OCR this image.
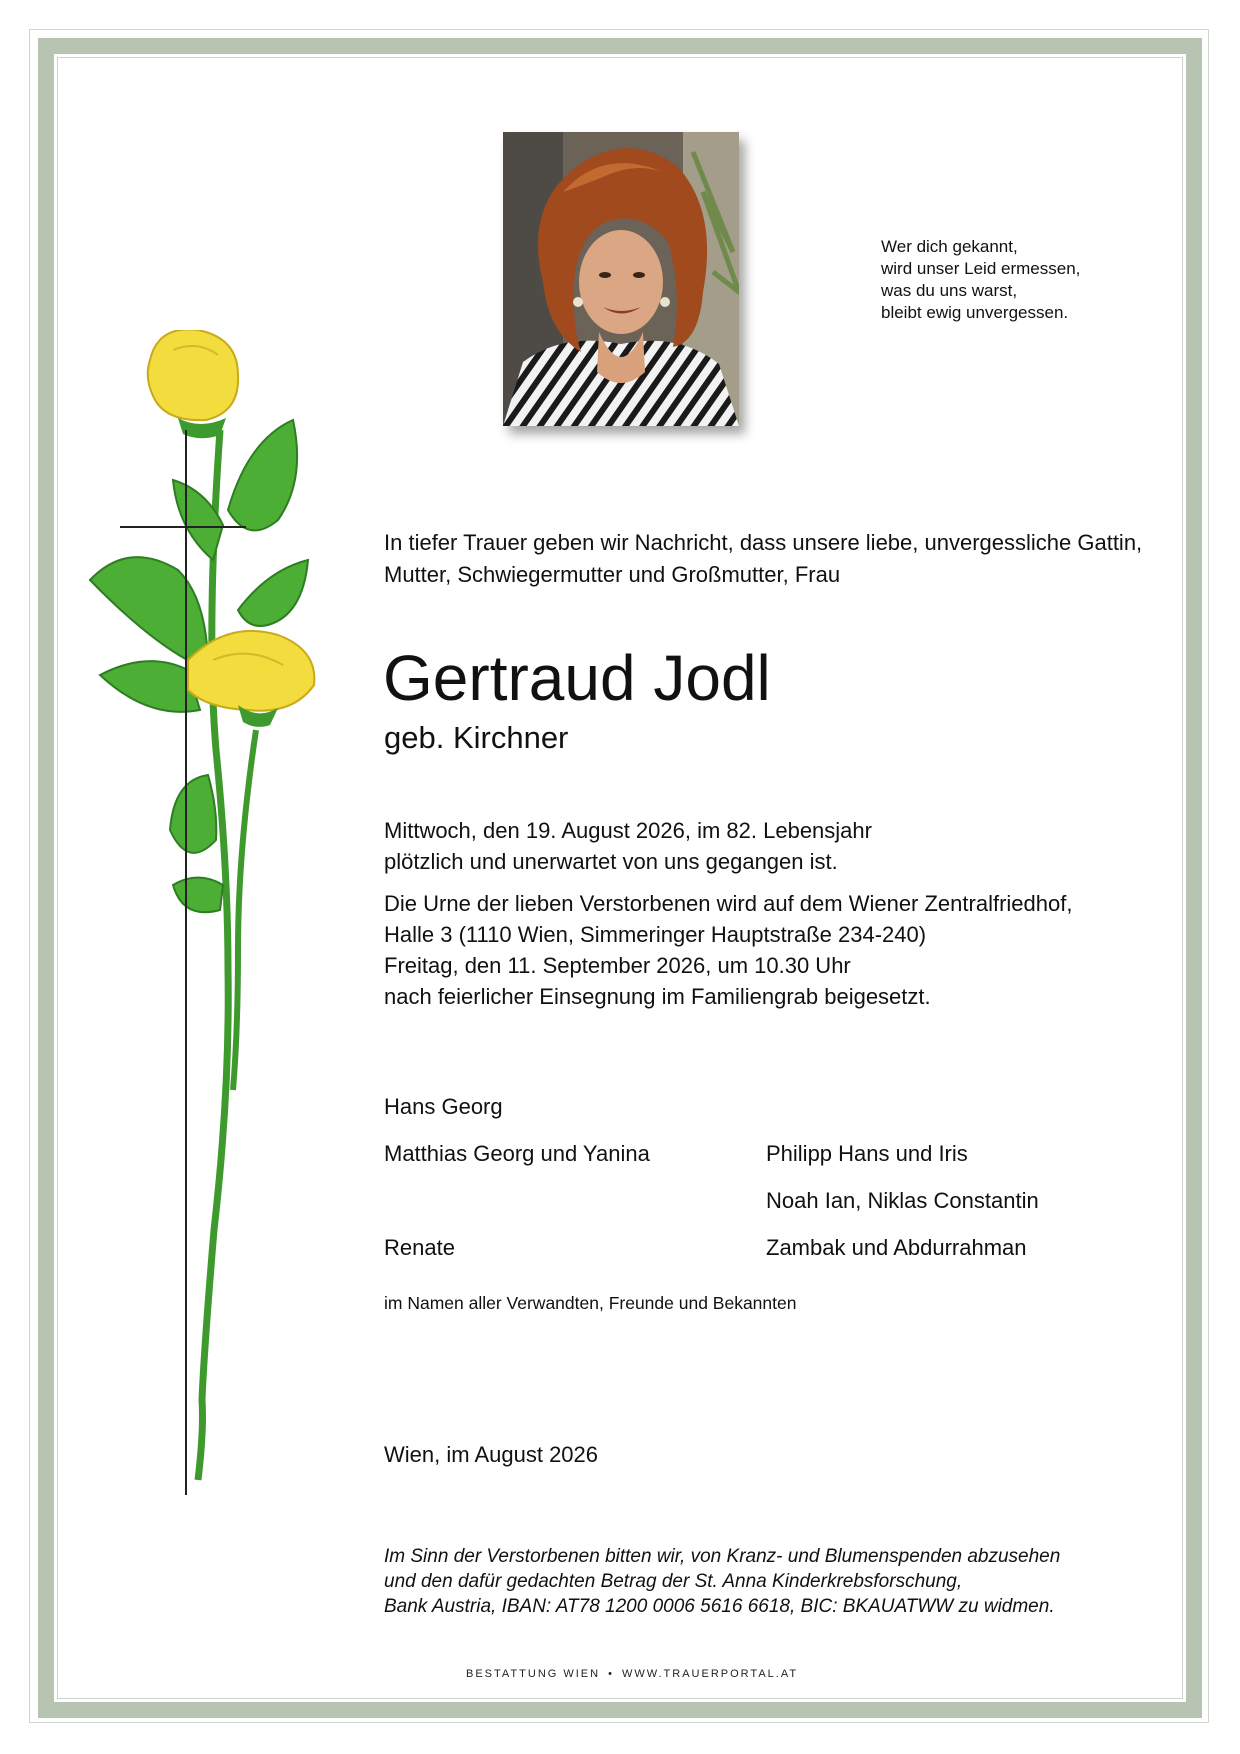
Wer dich gekannt,
wird unser Leid ermessen,
was du uns warst,
bleibt ewig unvergessen.
In tiefer Trauer geben wir Nachricht, dass unsere liebe, unvergessliche Gattin,
Mutter, Schwiegermutter und Großmutter, Frau
Gertraud Jodl
geb. Kirchner
Mittwoch, den 19. August 2026, im 82. Lebensjahr
plötzlich und unerwartet von uns gegangen ist.
Die Urne der lieben Verstorbenen wird auf dem Wiener Zentralfriedhof,
Halle 3 (1110 Wien, Simmeringer Hauptstraße 234-240)
Freitag, den 11. September 2026, um 10.30 Uhr
nach feierlicher Einsegnung im Familiengrab beigesetzt.
Hans Georg
Matthias Georg und Yanina	Philipp Hans und Iris
Noah Ian, Niklas Constantin
Renate	Zambak und Abdurrahman
im Namen aller Verwandten, Freunde und Bekannten
Wien, im August 2026
Im Sinn der Verstorbenen bitten wir, von Kranz- und Blumenspenden abzusehen
und den dafür gedachten Betrag der St. Anna Kinderkrebsforschung,
Bank Austria, IBAN: AT78 1200 0006 5616 6618, BIC: BKAUATWW zu widmen.
BESTATTUNG WIEN • WWW.TRAUERPORTAL.AT
